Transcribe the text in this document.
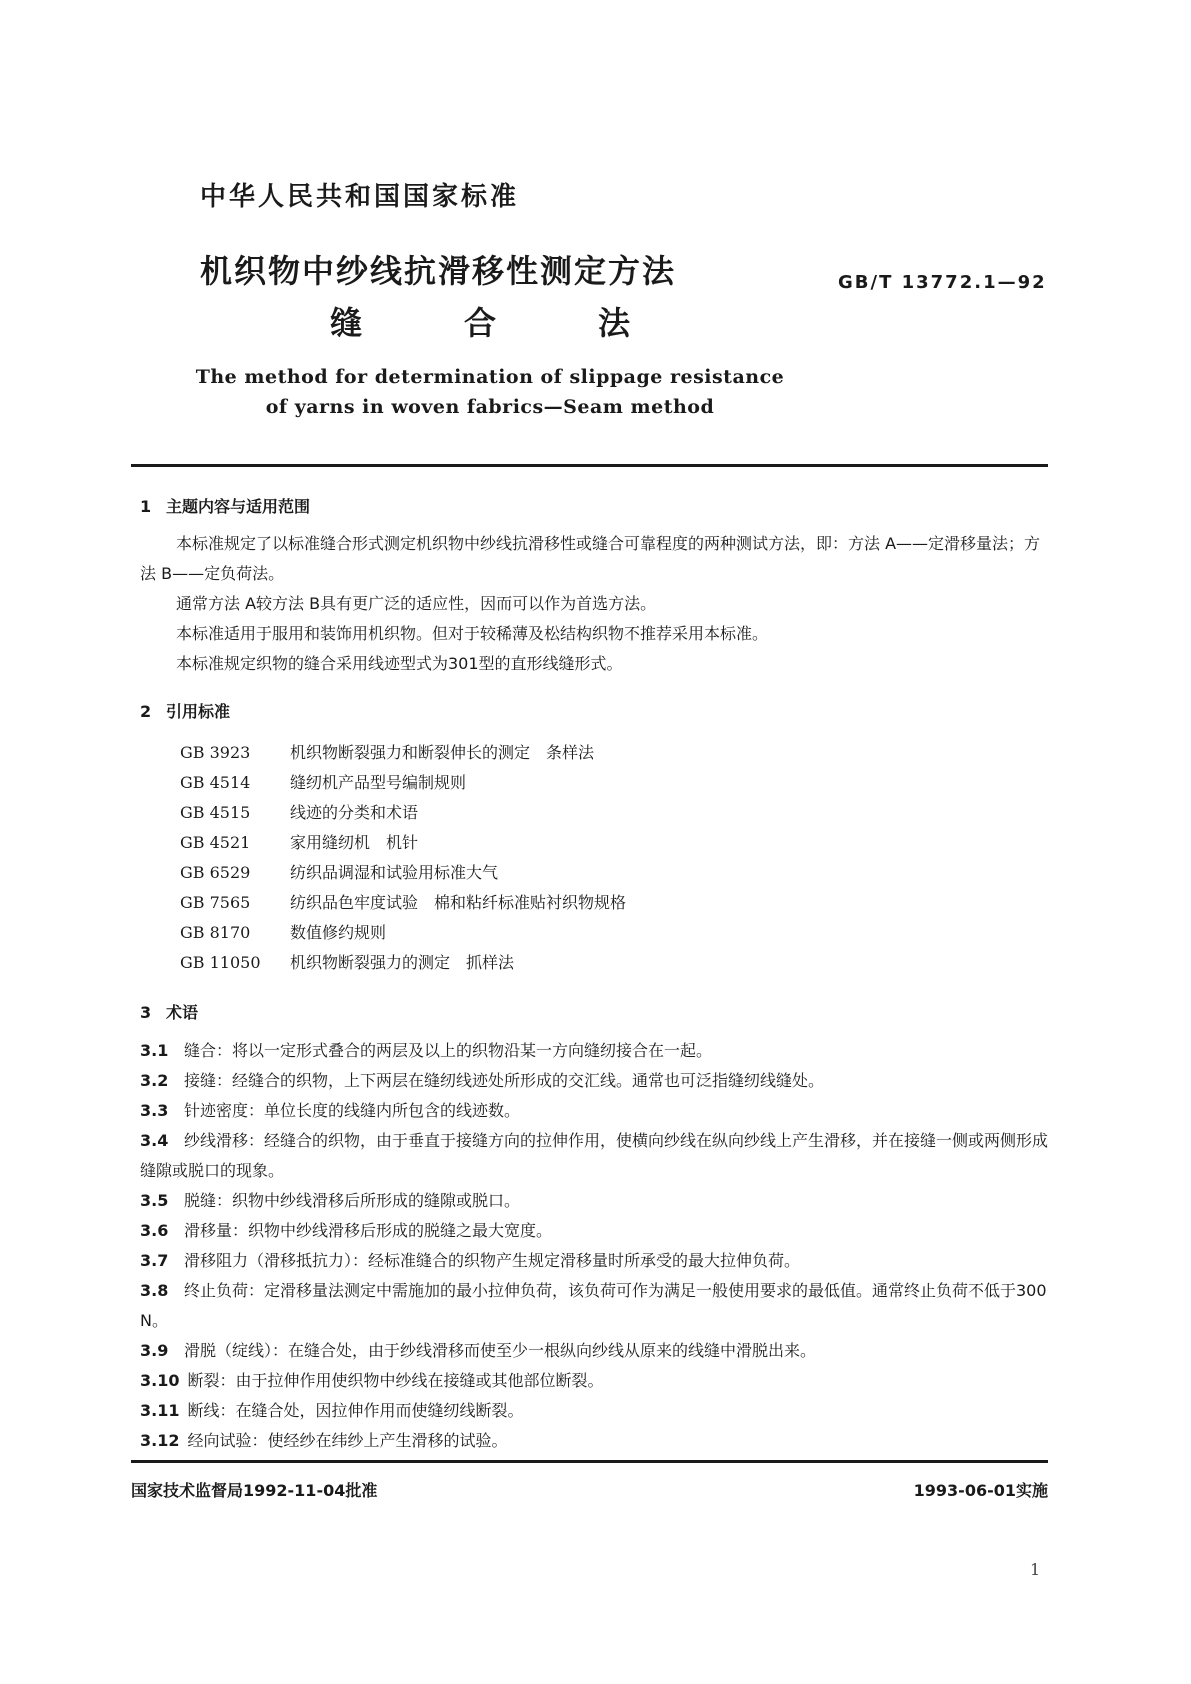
中华人民共和国国家标准
机织物中纱线抗滑移性测定方法
缝	合	法
GB/T 13772.1—92
The method for determination of slippage resistance
of yarns in woven fabrics—Seam method
1 主题内容与适用范围
本标准规定了以标准缝合形式测定机织物中纱线抗滑移性或缝合可靠程度的两种测试方法，即：方法 A——定滑移量法；方法 B——定负荷法。
通常方法 A较方法 B具有更广泛的适应性，因而可以作为首选方法。
本标准适用于服用和装饰用机织物。但对于较稀薄及松结构织物不推荐采用本标准。
本标准规定织物的缝合采用线迹型式为301型的直形线缝形式。
2 引用标准
GB 3923 机织物断裂强力和断裂伸长的测定　条样法
GB 4514 缝纫机产品型号编制规则
GB 4515 线迹的分类和术语
GB 4521 家用缝纫机　机针
GB 6529 纺织品调湿和试验用标准大气
GB 7565 纺织品色牢度试验　棉和粘纤标准贴衬织物规格
GB 8170 数值修约规则
GB 11050 机织物断裂强力的测定　抓样法
3 术语
3.1 缝合：将以一定形式叠合的两层及以上的织物沿某一方向缝纫接合在一起。
3.2 接缝：经缝合的织物，上下两层在缝纫线迹处所形成的交汇线。通常也可泛指缝纫线缝处。
3.3 针迹密度：单位长度的线缝内所包含的线迹数。
3.4 纱线滑移：经缝合的织物，由于垂直于接缝方向的拉伸作用，使横向纱线在纵向纱线上产生滑移，并在接缝一侧或两侧形成缝隙或脱口的现象。
3.5 脱缝：织物中纱线滑移后所形成的缝隙或脱口。
3.6 滑移量：织物中纱线滑移后形成的脱缝之最大宽度。
3.7 滑移阻力（滑移抵抗力）：经标准缝合的织物产生规定滑移量时所承受的最大拉伸负荷。
3.8 终止负荷：定滑移量法测定中需施加的最小拉伸负荷，该负荷可作为满足一般使用要求的最低值。通常终止负荷不低于300 N。
3.9 滑脱（绽线）：在缝合处，由于纱线滑移而使至少一根纵向纱线从原来的线缝中滑脱出来。
3.10 断裂：由于拉伸作用使织物中纱线在接缝或其他部位断裂。
3.11 断线：在缝合处，因拉伸作用而使缝纫线断裂。
3.12 经向试验：使经纱在纬纱上产生滑移的试验。
国家技术监督局1992-11-04批准	1993-06-01实施
1
